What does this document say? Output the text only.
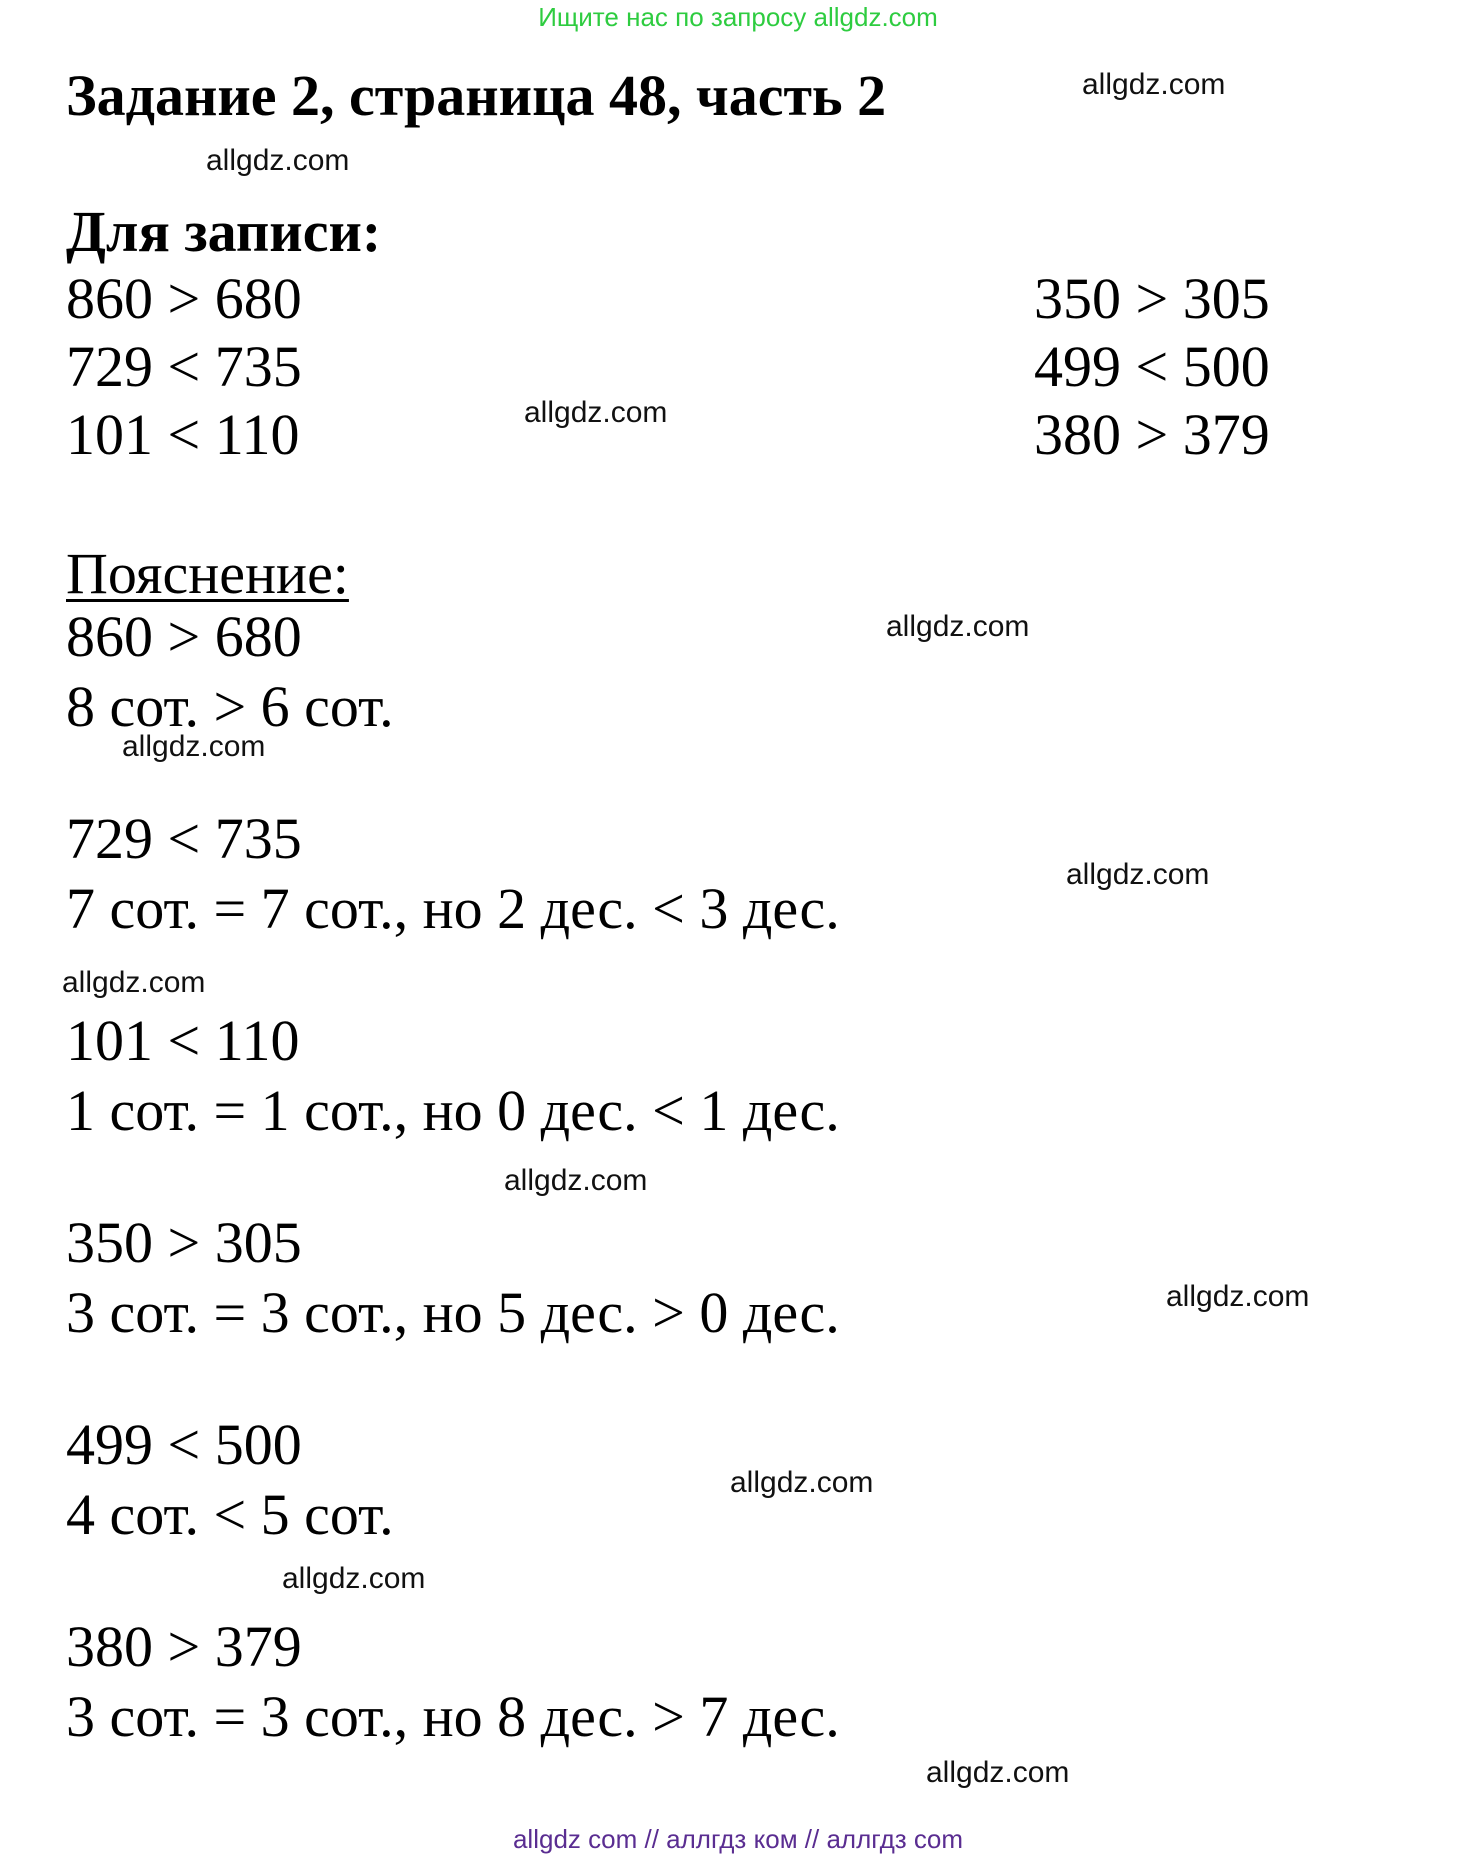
Ищите нас по запросу allgdz.com
Задание 2, страница 48, часть 2
Для записи:
860 > 680
729 < 735
101 < 110
350 > 305
499 < 500
380 > 379
Пояснение:
860 > 680
8 сот. > 6 сот.
729 < 735
7 сот. = 7 сот., но 2 дес. < 3 дес.
101 < 110
1 сот. = 1 сот., но 0 дес. < 1 дес.
350 > 305
3 сот. = 3 сот., но 5 дес. > 0 дес.
499 < 500
4 сот. < 5 сот.
380 > 379
3 сот. = 3 сот., но 8 дес. > 7 дес.
allgdz.com
allgdz.com
allgdz.com
allgdz.com
allgdz.com
allgdz.com
allgdz.com
allgdz.com
allgdz.com
allgdz.com
allgdz.com
allgdz.com
allgdz com // аллгдз ком // аллгдз com
